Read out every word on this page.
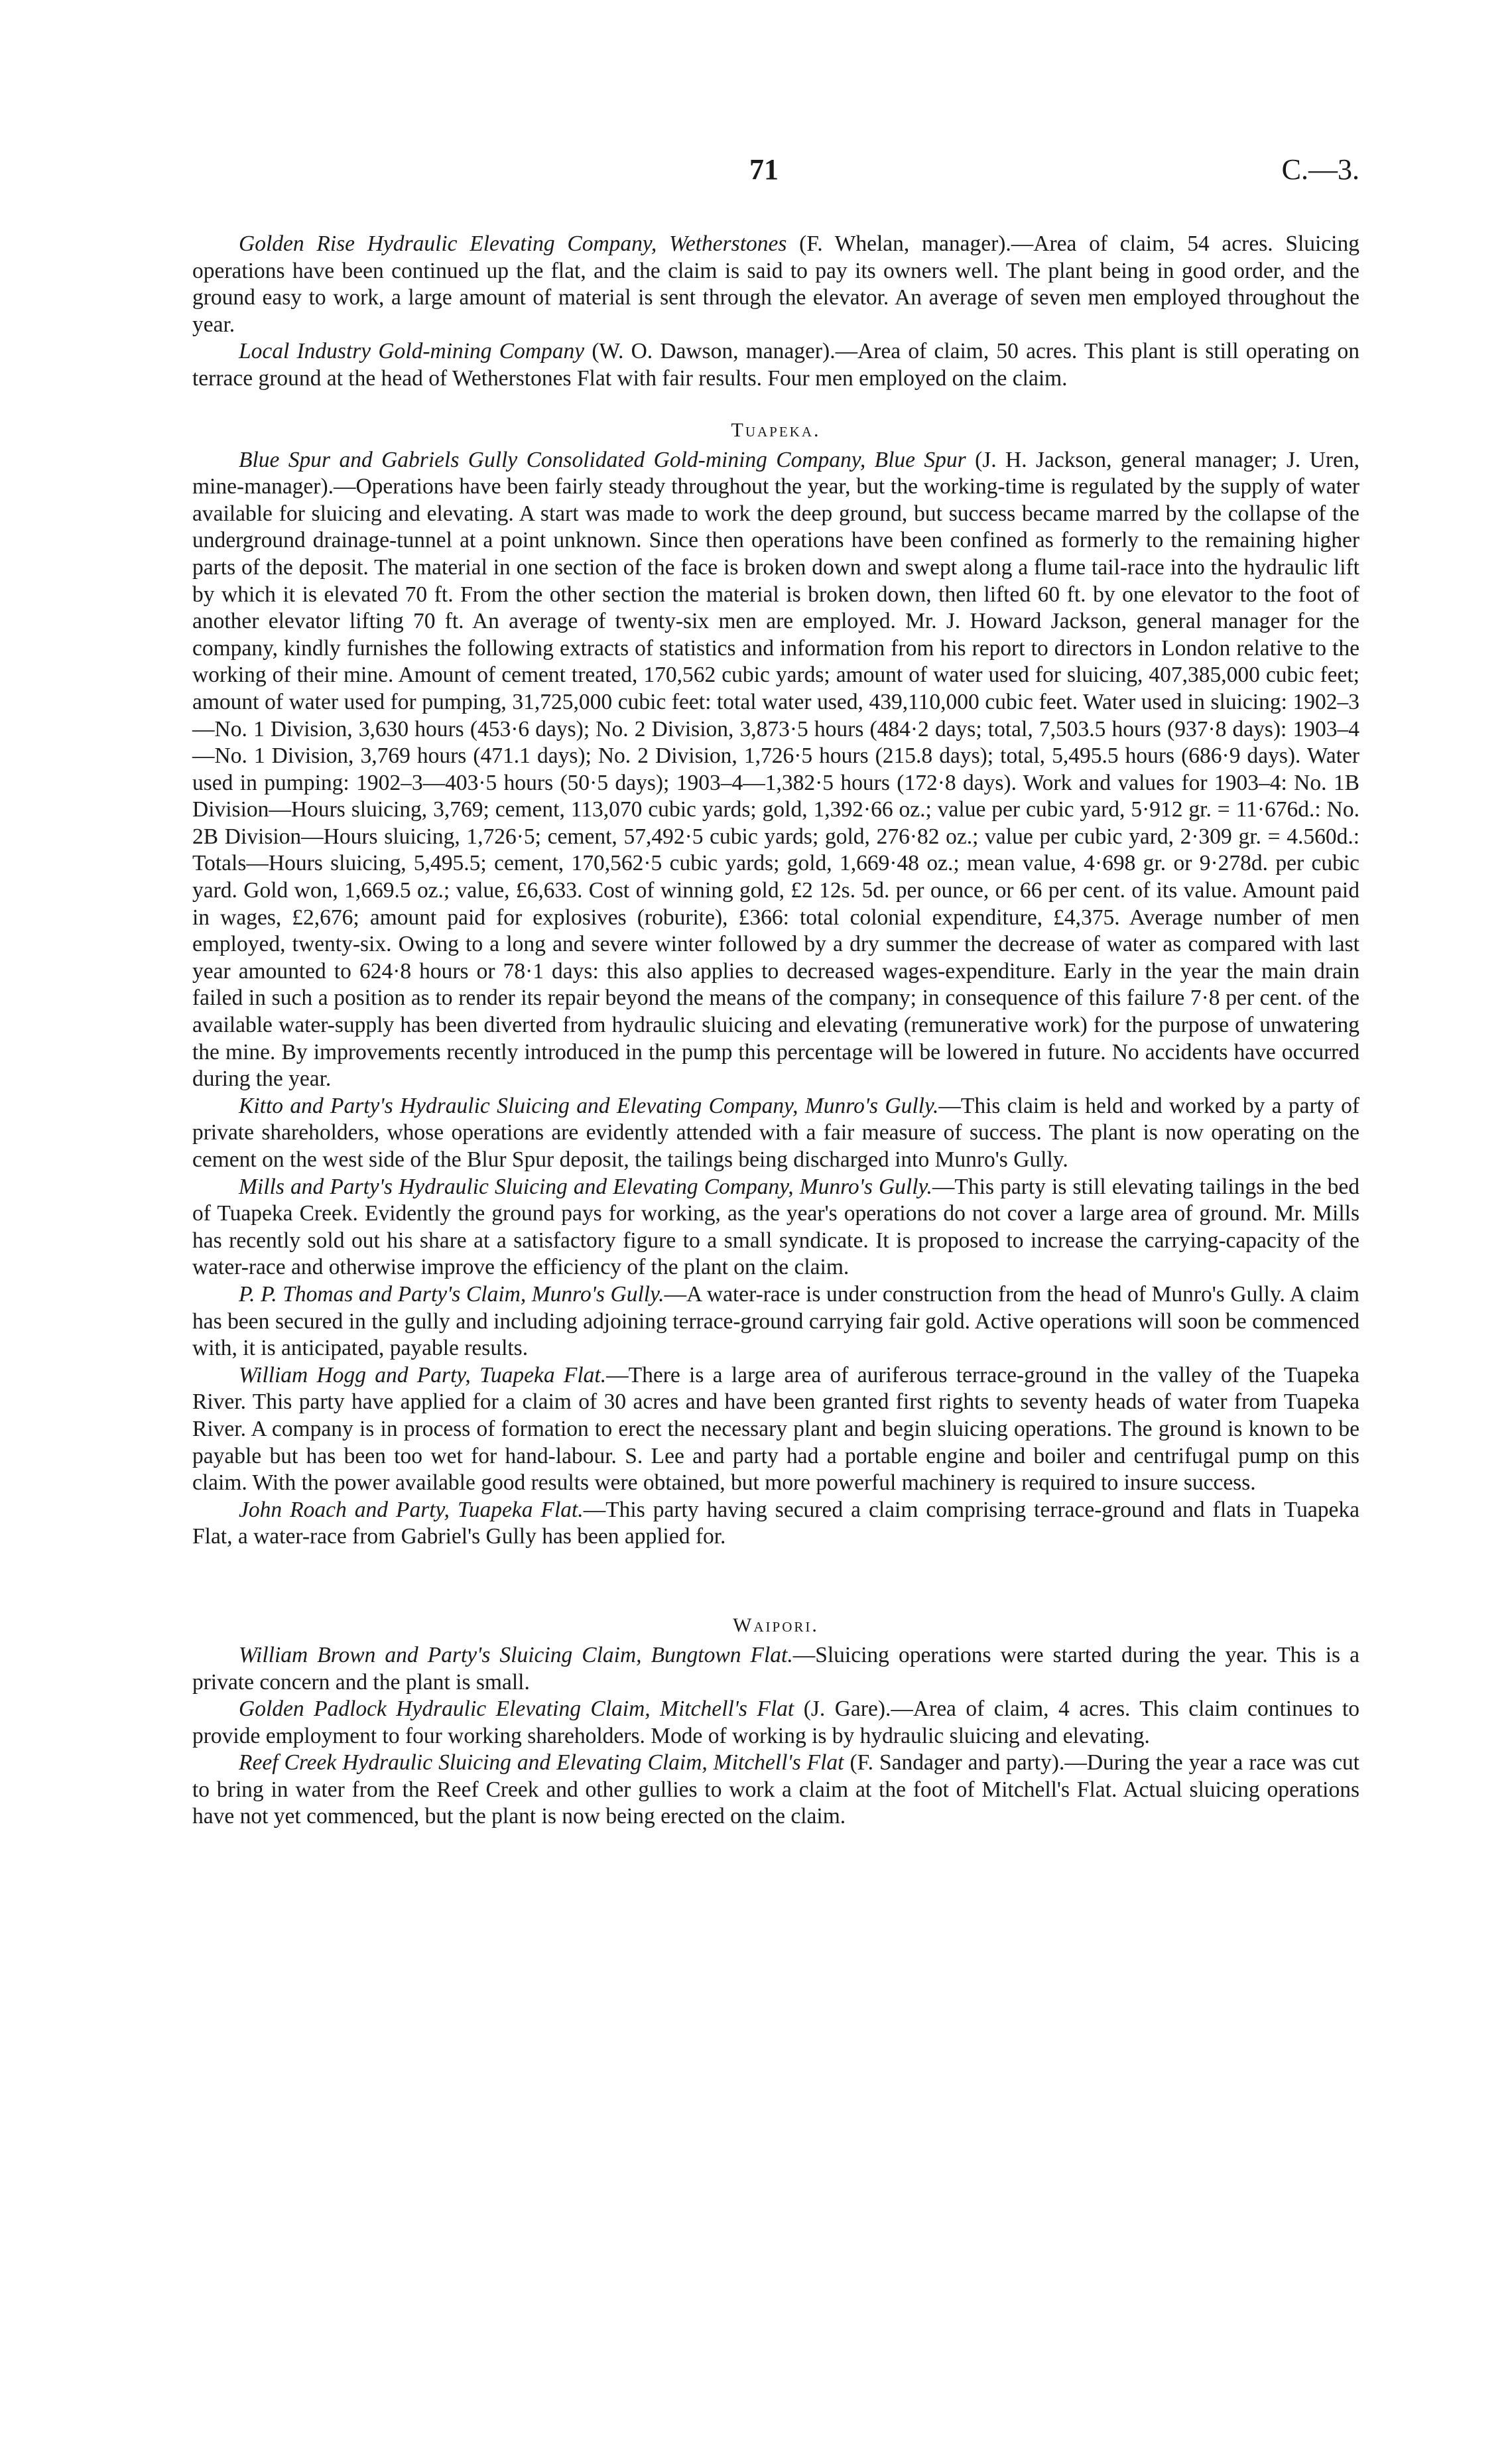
71	C.—3.

Golden Rise Hydraulic Elevating Company, Wetherstones (F. Whelan, manager).—Area of claim, 54 acres. Sluicing operations have been continued up the flat, and the claim is said to pay its owners well. The plant being in good order, and the ground easy to work, a large amount of material is sent through the elevator. An average of seven men employed throughout the year.

Local Industry Gold-mining Company (W. O. Dawson, manager).—Area of claim, 50 acres. This plant is still operating on terrace ground at the head of Wetherstones Flat with fair results. Four men employed on the claim.

Tuapeka.

Blue Spur and Gabriels Gully Consolidated Gold-mining Company, Blue Spur (J. H. Jackson, general manager; J. Uren, mine-manager).—Operations have been fairly steady throughout the year, but the working-time is regulated by the supply of water available for sluicing and elevating. A start was made to work the deep ground, but success became marred by the collapse of the underground drainage-tunnel at a point unknown. Since then operations have been confined as formerly to the remaining higher parts of the deposit. The material in one section of the face is broken down and swept along a flume tail-race into the hydraulic lift by which it is elevated 70 ft. From the other section the material is broken down, then lifted 60 ft. by one elevator to the foot of another elevator lifting 70 ft. An average of twenty-six men are employed. Mr. J. Howard Jackson, general manager for the company, kindly furnishes the following extracts of statistics and information from his report to directors in London relative to the working of their mine. Amount of cement treated, 170,562 cubic yards; amount of water used for sluicing, 407,385,000 cubic feet; amount of water used for pumping, 31,725,000 cubic feet: total water used, 439,110,000 cubic feet. Water used in sluicing: 1902–3—No. 1 Division, 3,630 hours (453·6 days); No. 2 Division, 3,873·5 hours (484·2 days; total, 7,503.5 hours (937·8 days): 1903–4—No. 1 Division, 3,769 hours (471.1 days); No. 2 Division, 1,726·5 hours (215.8 days); total, 5,495.5 hours (686·9 days). Water used in pumping: 1902–3—403·5 hours (50·5 days); 1903–4—1,382·5 hours (172·8 days). Work and values for 1903–4: No. 1B Division—Hours sluicing, 3,769; cement, 113,070 cubic yards; gold, 1,392·66 oz.; value per cubic yard, 5·912 gr. = 11·676d.: No. 2B Division—Hours sluicing, 1,726·5; cement, 57,492·5 cubic yards; gold, 276·82 oz.; value per cubic yard, 2·309 gr. = 4.560d.: Totals—Hours sluicing, 5,495.5; cement, 170,562·5 cubic yards; gold, 1,669·48 oz.; mean value, 4·698 gr. or 9·278d. per cubic yard. Gold won, 1,669.5 oz.; value, £6,633. Cost of winning gold, £2 12s. 5d. per ounce, or 66 per cent. of its value. Amount paid in wages, £2,676; amount paid for explosives (roburite), £366: total colonial expenditure, £4,375. Average number of men employed, twenty-six. Owing to a long and severe winter followed by a dry summer the decrease of water as compared with last year amounted to 624·8 hours or 78·1 days: this also applies to decreased wages-expenditure. Early in the year the main drain failed in such a position as to render its repair beyond the means of the company; in consequence of this failure 7·8 per cent. of the available water-supply has been diverted from hydraulic sluicing and elevating (remunerative work) for the purpose of unwatering the mine. By improvements recently introduced in the pump this percentage will be lowered in future. No accidents have occurred during the year.

Kitto and Party's Hydraulic Sluicing and Elevating Company, Munro's Gully.—This claim is held and worked by a party of private shareholders, whose operations are evidently attended with a fair measure of success. The plant is now operating on the cement on the west side of the Blur Spur deposit, the tailings being discharged into Munro's Gully.

Mills and Party's Hydraulic Sluicing and Elevating Company, Munro's Gully.—This party is still elevating tailings in the bed of Tuapeka Creek. Evidently the ground pays for working, as the year's operations do not cover a large area of ground. Mr. Mills has recently sold out his share at a satisfactory figure to a small syndicate. It is proposed to increase the carrying-capacity of the water-race and otherwise improve the efficiency of the plant on the claim.

P. P. Thomas and Party's Claim, Munro's Gully.—A water-race is under construction from the head of Munro's Gully. A claim has been secured in the gully and including adjoining terrace-ground carrying fair gold. Active operations will soon be commenced with, it is anticipated, payable results.

William Hogg and Party, Tuapeka Flat.—There is a large area of auriferous terrace-ground in the valley of the Tuapeka River. This party have applied for a claim of 30 acres and have been granted first rights to seventy heads of water from Tuapeka River. A company is in process of formation to erect the necessary plant and begin sluicing operations. The ground is known to be payable but has been too wet for hand-labour. S. Lee and party had a portable engine and boiler and centrifugal pump on this claim. With the power available good results were obtained, but more powerful machinery is required to insure success.

John Roach and Party, Tuapeka Flat.—This party having secured a claim comprising terrace-ground and flats in Tuapeka Flat, a water-race from Gabriel's Gully has been applied for.

Waipori.

William Brown and Party's Sluicing Claim, Bungtown Flat.—Sluicing operations were started during the year. This is a private concern and the plant is small.

Golden Padlock Hydraulic Elevating Claim, Mitchell's Flat (J. Gare).—Area of claim, 4 acres. This claim continues to provide employment to four working shareholders. Mode of working is by hydraulic sluicing and elevating.

Reef Creek Hydraulic Sluicing and Elevating Claim, Mitchell's Flat (F. Sandager and party).—During the year a race was cut to bring in water from the Reef Creek and other gullies to work a claim at the foot of Mitchell's Flat. Actual sluicing operations have not yet commenced, but the plant is now being erected on the claim.
